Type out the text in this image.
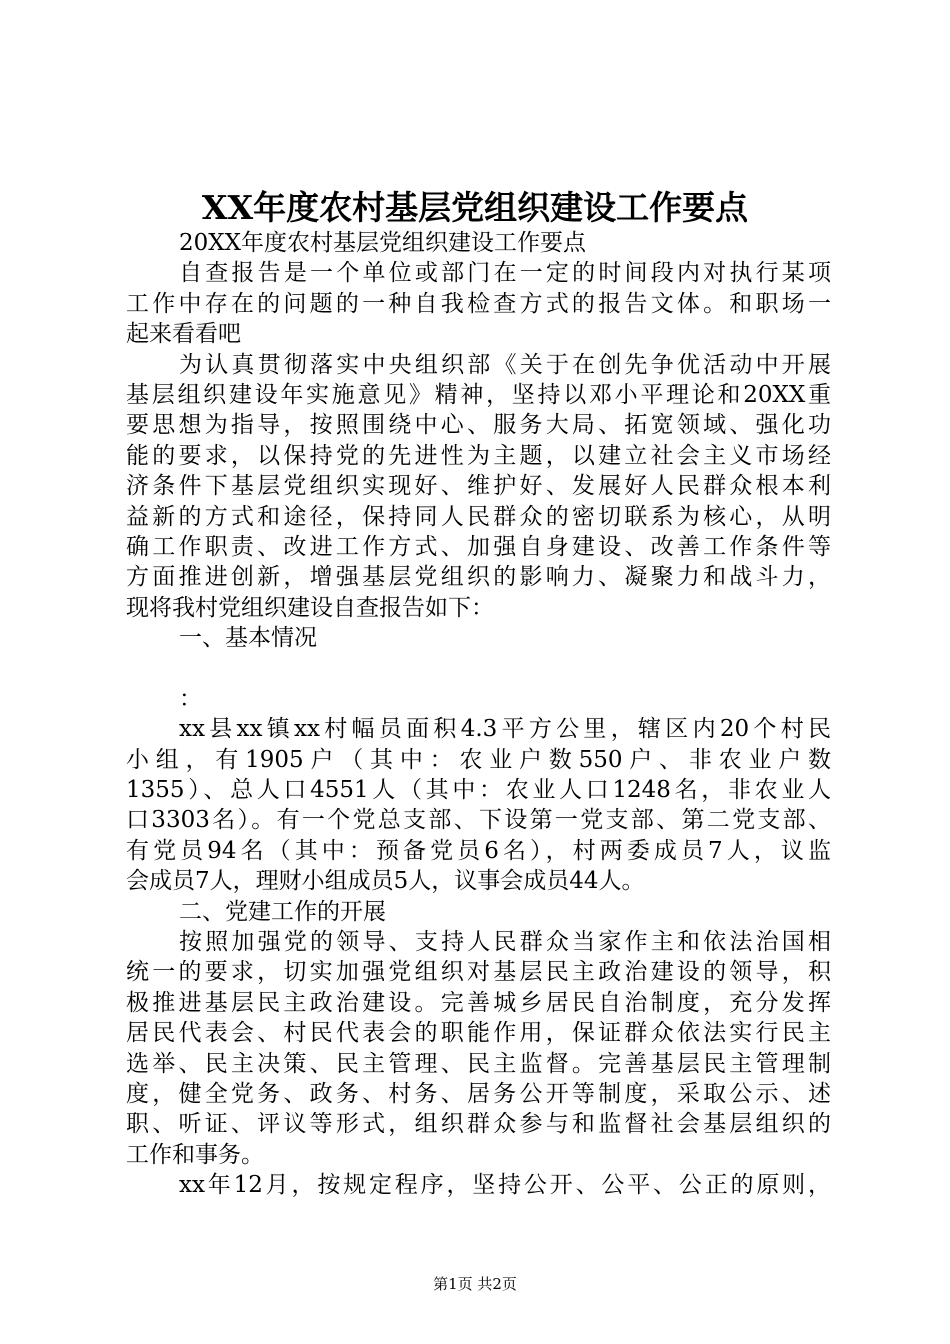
XX年度农村基层党组织建设工作要点
20XX年度农村基层党组织建设工作要点
自查报告是一个单位或部门在一定的时间段内对执行某项
工作中存在的问题的一种自我检查方式的报告文体。和职场一
起来看看吧
为认真贯彻落实中央组织部《关于在创先争优活动中开展
基层组织建设年实施意见》精神，坚持以邓小平理论和20XX重
要思想为指导，按照围绕中心、服务大局、拓宽领域、强化功
能的要求，以保持党的先进性为主题，以建立社会主义市场经
济条件下基层党组织实现好、维护好、发展好人民群众根本利
益新的方式和途径，保持同人民群众的密切联系为核心，从明
确工作职责、改进工作方式、加强自身建设、改善工作条件等
方面推进创新，增强基层党组织的影响力、凝聚力和战斗力，
现将我村党组织建设自查报告如下：
一、基本情况
：
xx县xx镇xx村幅员面积4.3平方公里，辖区内20个村民
小组，有1905户（其中：农业户数550户、非农业户数
1355）、总人口4551人（其中：农业人口1248名，非农业人
口3303名）。有一个党总支部、下设第一党支部、第二党支部、
有党员94名（其中：预备党员6名），村两委成员7人，议监
会成员7人，理财小组成员5人，议事会成员44人。
二、党建工作的开展
按照加强党的领导、支持人民群众当家作主和依法治国相
统一的要求，切实加强党组织对基层民主政治建设的领导，积
极推进基层民主政治建设。完善城乡居民自治制度，充分发挥
居民代表会、村民代表会的职能作用，保证群众依法实行民主
选举、民主决策、民主管理、民主监督。完善基层民主管理制
度，健全党务、政务、村务、居务公开等制度，采取公示、述
职、听证、评议等形式，组织群众参与和监督社会基层组织的
工作和事务。
xx年12月，按规定程序，坚持公开、公平、公正的原则，
第1页 共2页
